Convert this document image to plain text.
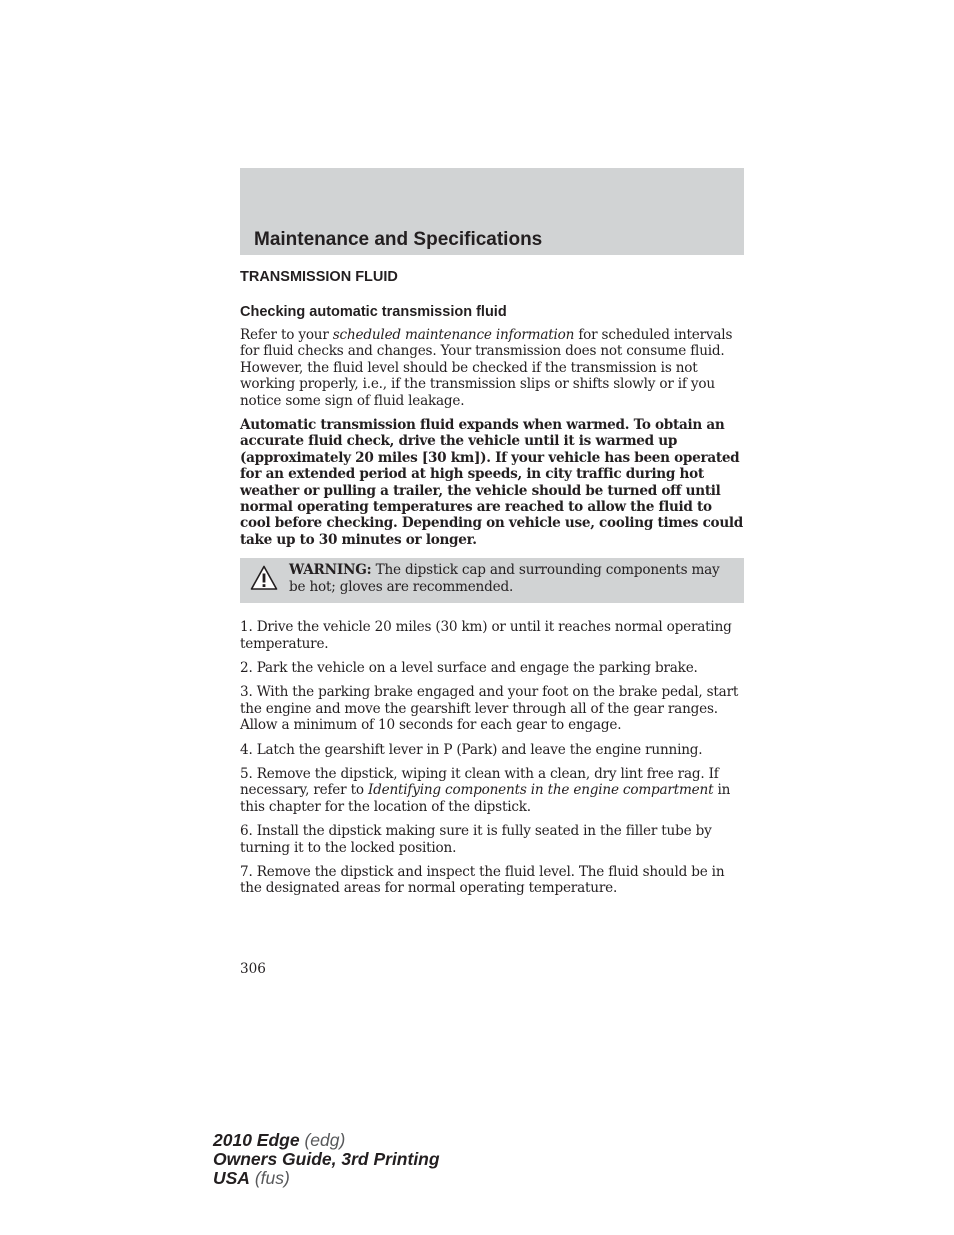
Maintenance and Specifications
TRANSMISSION FLUID
Checking automatic transmission fluid

Refer to your scheduled maintenance information for scheduled intervals for fluid checks and changes. Your transmission does not consume fluid. However, the fluid level should be checked if the transmission is not working properly, i.e., if the transmission slips or shifts slowly or if you notice some sign of fluid leakage.

Automatic transmission fluid expands when warmed. To obtain an accurate fluid check, drive the vehicle until it is warmed up (approximately 20 miles [30 km]). If your vehicle has been operated for an extended period at high speeds, in city traffic during hot weather or pulling a trailer, the vehicle should be turned off until normal operating temperatures are reached to allow the fluid to cool before checking. Depending on vehicle use, cooling times could take up to 30 minutes or longer.

WARNING: The dipstick cap and surrounding components may be hot; gloves are recommended.

1. Drive the vehicle 20 miles (30 km) or until it reaches normal operating temperature.

2. Park the vehicle on a level surface and engage the parking brake.

3. With the parking brake engaged and your foot on the brake pedal, start the engine and move the gearshift lever through all of the gear ranges. Allow a minimum of 10 seconds for each gear to engage.

4. Latch the gearshift lever in P (Park) and leave the engine running.

5. Remove the dipstick, wiping it clean with a clean, dry lint free rag. If necessary, refer to Identifying components in the engine compartment in this chapter for the location of the dipstick.

6. Install the dipstick making sure it is fully seated in the filler tube by turning it to the locked position.

7. Remove the dipstick and inspect the fluid level. The fluid should be in the designated areas for normal operating temperature.

306
2010 Edge (edg)
Owners Guide, 3rd Printing
USA (fus)
